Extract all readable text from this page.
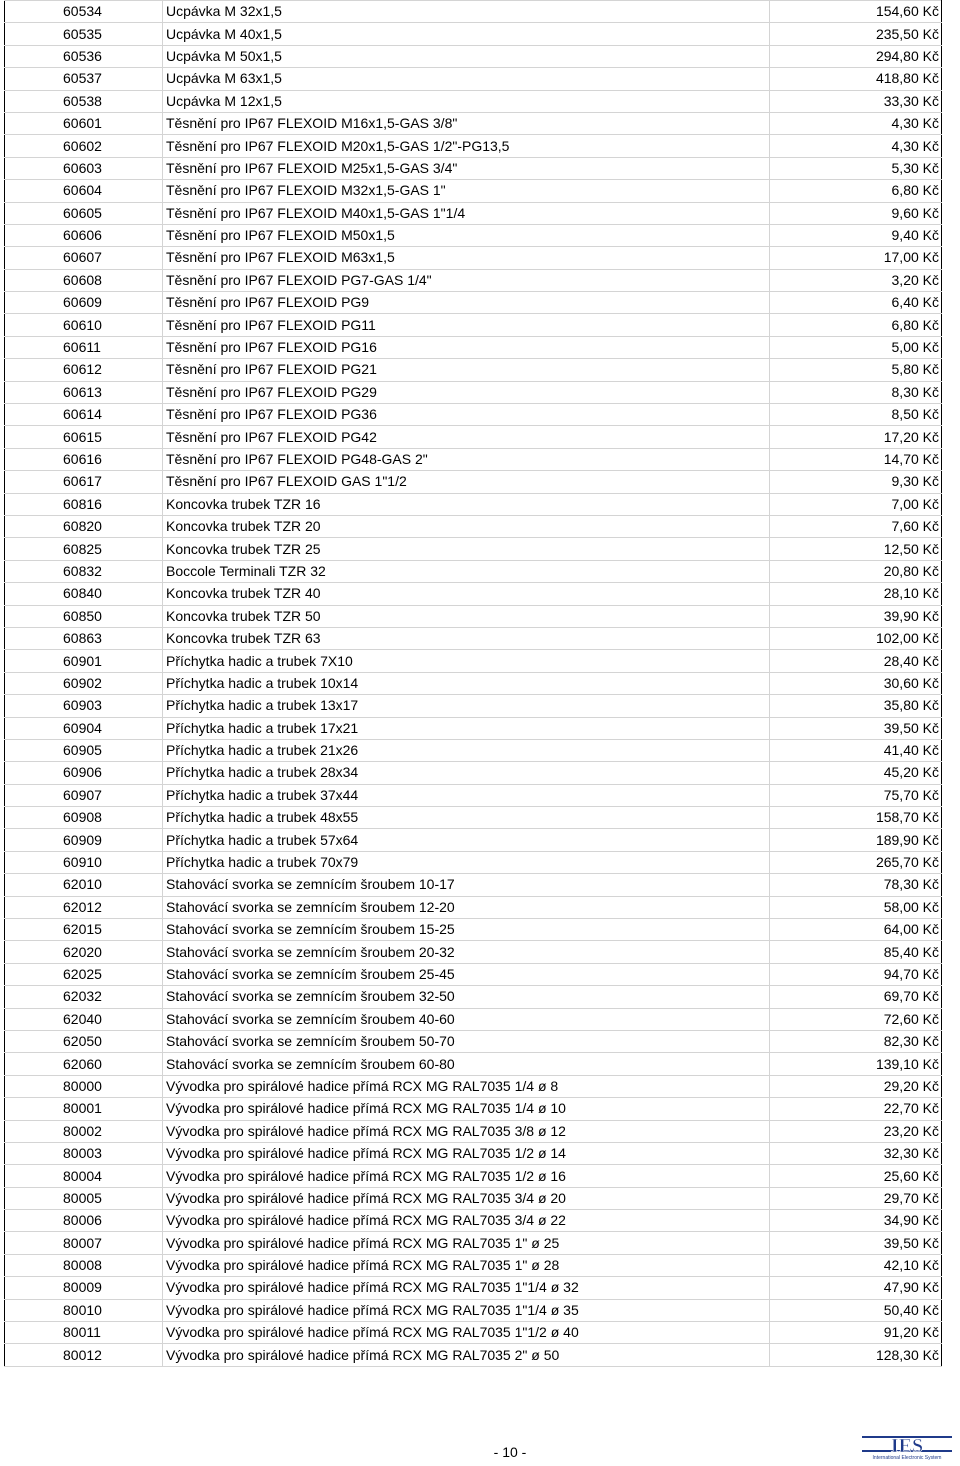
60534	Ucpávka M 32x1,5	154,60 Kč
60535	Ucpávka M 40x1,5	235,50 Kč
60536	Ucpávka M 50x1,5	294,80 Kč
60537	Ucpávka M 63x1,5	418,80 Kč
60538	Ucpávka M 12x1,5	33,30 Kč
60601	Těsnění pro IP67 FLEXOID M16x1,5-GAS 3/8"	4,30 Kč
60602	Těsnění pro IP67 FLEXOID M20x1,5-GAS 1/2"-PG13,5	4,30 Kč
60603	Těsnění pro IP67 FLEXOID M25x1,5-GAS 3/4"	5,30 Kč
60604	Těsnění pro IP67 FLEXOID M32x1,5-GAS 1"	6,80 Kč
60605	Těsnění pro IP67 FLEXOID M40x1,5-GAS 1"1/4	9,60 Kč
60606	Těsnění pro IP67 FLEXOID M50x1,5	9,40 Kč
60607	Těsnění pro IP67 FLEXOID M63x1,5	17,00 Kč
60608	Těsnění pro IP67 FLEXOID PG7-GAS 1/4"	3,20 Kč
60609	Těsnění pro IP67 FLEXOID PG9	6,40 Kč
60610	Těsnění pro IP67 FLEXOID PG11	6,80 Kč
60611	Těsnění pro IP67 FLEXOID PG16	5,00 Kč
60612	Těsnění pro IP67 FLEXOID PG21	5,80 Kč
60613	Těsnění pro IP67 FLEXOID PG29	8,30 Kč
60614	Těsnění pro IP67 FLEXOID PG36	8,50 Kč
60615	Těsnění pro IP67 FLEXOID PG42	17,20 Kč
60616	Těsnění pro IP67 FLEXOID PG48-GAS 2"	14,70 Kč
60617	Těsnění pro IP67 FLEXOID GAS 1"1/2	9,30 Kč
60816	Koncovka trubek TZR 16	7,00 Kč
60820	Koncovka trubek TZR 20	7,60 Kč
60825	Koncovka trubek TZR 25	12,50 Kč
60832	Boccole Terminali TZR 32	20,80 Kč
60840	Koncovka trubek TZR 40	28,10 Kč
60850	Koncovka trubek TZR 50	39,90 Kč
60863	Koncovka trubek TZR 63	102,00 Kč
60901	Příchytka hadic a trubek 7X10	28,40 Kč
60902	Příchytka hadic a trubek 10x14	30,60 Kč
60903	Příchytka hadic a trubek 13x17	35,80 Kč
60904	Příchytka hadic a trubek 17x21	39,50 Kč
60905	Příchytka hadic a trubek 21x26	41,40 Kč
60906	Příchytka hadic a trubek 28x34	45,20 Kč
60907	Příchytka hadic a trubek 37x44	75,70 Kč
60908	Příchytka hadic a trubek 48x55	158,70 Kč
60909	Příchytka hadic a trubek 57x64	189,90 Kč
60910	Příchytka hadic a trubek 70x79	265,70 Kč
62010	Stahovácí svorka se zemnícím šroubem 10-17	78,30 Kč
62012	Stahovácí svorka se zemnícím šroubem 12-20	58,00 Kč
62015	Stahovácí svorka se zemnícím šroubem 15-25	64,00 Kč
62020	Stahovácí svorka se zemnícím šroubem 20-32	85,40 Kč
62025	Stahovácí svorka se zemnícím šroubem 25-45	94,70 Kč
62032	Stahovácí svorka se zemnícím šroubem 32-50	69,70 Kč
62040	Stahovácí svorka se zemnícím šroubem 40-60	72,60 Kč
62050	Stahovácí svorka se zemnícím šroubem 50-70	82,30 Kč
62060	Stahovácí svorka se zemnícím šroubem 60-80	139,10 Kč
80000	Vývodka pro spirálové hadice přímá RCX MG RAL7035 1/4 ø 8	29,20 Kč
80001	Vývodka pro spirálové hadice přímá RCX MG RAL7035 1/4 ø 10	22,70 Kč
80002	Vývodka pro spirálové hadice přímá RCX MG RAL7035 3/8 ø 12	23,20 Kč
80003	Vývodka pro spirálové hadice přímá RCX MG RAL7035 1/2 ø 14	32,30 Kč
80004	Vývodka pro spirálové hadice přímá RCX MG RAL7035 1/2 ø 16	25,60 Kč
80005	Vývodka pro spirálové hadice přímá RCX MG RAL7035 3/4 ø 20	29,70 Kč
80006	Vývodka pro spirálové hadice přímá RCX MG RAL7035 3/4 ø 22	34,90 Kč
80007	Vývodka pro spirálové hadice přímá RCX MG RAL7035 1" ø 25	39,50 Kč
80008	Vývodka pro spirálové hadice přímá RCX MG RAL7035 1" ø 28	42,10 Kč
80009	Vývodka pro spirálové hadice přímá RCX MG RAL7035 1"1/4 ø 32	47,90 Kč
80010	Vývodka pro spirálové hadice přímá RCX MG RAL7035 1"1/4 ø 35	50,40 Kč
80011	Vývodka pro spirálové hadice přímá RCX MG RAL7035 1"1/2 ø 40	91,20 Kč
80012	Vývodka pro spirálové hadice přímá RCX MG RAL7035 2" ø 50	128,30 Kč
- 10 -	IES
International Electronic System
